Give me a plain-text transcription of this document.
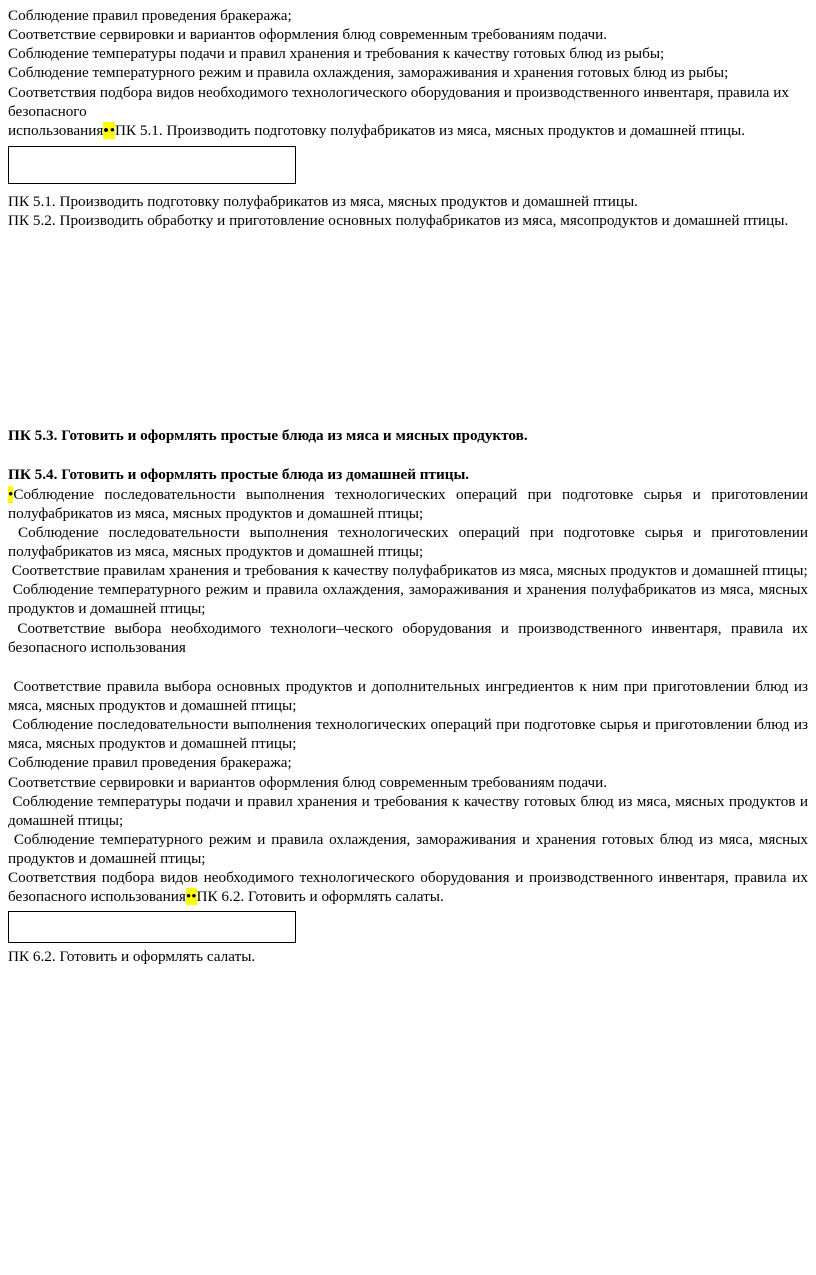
Соблюдение правил проведения бракеража;

Соответствие сервировки и вариантов оформления блюд современным требованиям подачи.

Соблюдение температуры подачи и правил хранения и требования к качеству готовых блюд из рыбы;

Соблюдение температурного режим и правила охлаждения, замораживания и хранения готовых блюд из рыбы;

Соответствия подбора видов необходимого технологического оборудования и производственного инвентаря, правила их безопасного

использования••ПК 5.1. Производить подготовку полуфабрикатов из мяса, мясных продуктов и домашней птицы.

ПК 5.1. Производить подготовку полуфабрикатов из мяса, мясных продуктов и домашней птицы.

ПК 5.2. Производить обработку и приготовление основных полуфабрикатов из мяса, мясопродуктов и домашней птицы.

ПК 5.3. Готовить и оформлять простые блюда из мяса и мясных продуктов.

ПК 5.4. Готовить и оформлять простые блюда из домашней птицы.

•Соблюдение последовательности выполнения технологических операций при подготовке сырья и приготовлении полуфабрикатов из мяса, мясных продуктов и домашней птицы;

Соблюдение последовательности выполнения технологических операций при подготовке сырья и приготовлении полуфабрикатов из мяса, мясных продуктов и домашней птицы;

Соответствие правилам хранения и требования к качеству полуфабрикатов из мяса, мясных продуктов и домашней птицы;

Соблюдение температурного режим и правила охлаждения, замораживания и хранения полуфабрикатов из мяса, мясных продуктов и домашней птицы;

Соответствие выбора необходимого технологи–ческого оборудования и производственного инвентаря, правила их безопасного использования

Соответствие правила выбора основных продуктов и дополнительных ингредиентов к ним при приготовлении блюд из мяса, мясных продуктов и домашней птицы;

Соблюдение последовательности выполнения технологических операций при подготовке сырья и приготовлении блюд из мяса, мясных продуктов и домашней птицы;

Соблюдение правил проведения бракеража;

Соответствие сервировки и вариантов оформления блюд современным требованиям подачи.

Соблюдение температуры подачи и правил хранения и требования к качеству готовых блюд из мяса, мясных продуктов и домашней птицы;

Соблюдение температурного режим и правила охлаждения, замораживания и хранения готовых блюд из мяса, мясных продуктов и домашней птицы;

Соответствия подбора видов необходимого технологического оборудования и производственного инвентаря, правила их безопасного использования••ПК 6.2. Готовить и оформлять салаты.

ПК 6.2. Готовить и оформлять салаты.
